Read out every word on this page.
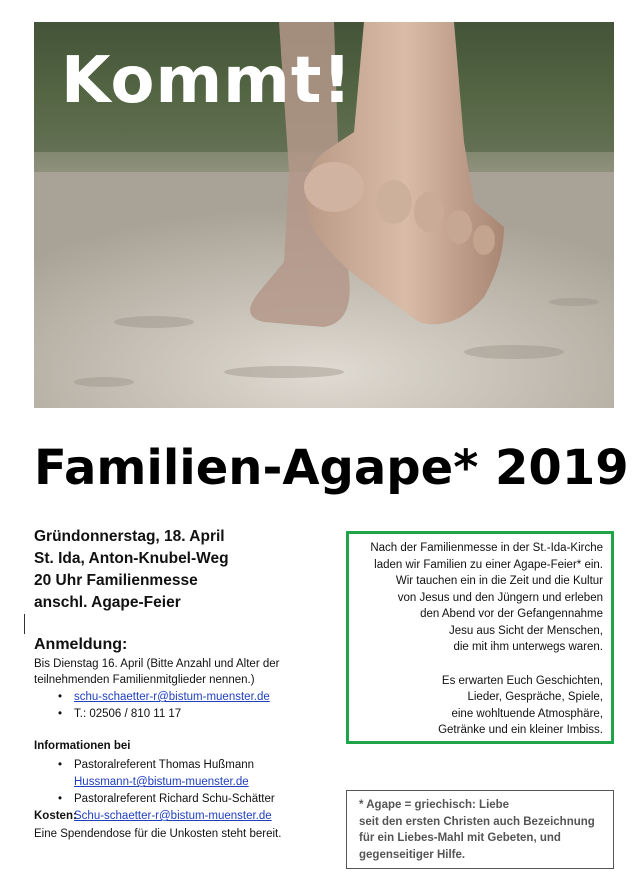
Kommt!
Familien-Agape* 2019
Gründonnerstag, 18. April
St. Ida, Anton-Knubel-Weg
20 Uhr Familienmesse
anschl. Agape-Feier
Anmeldung:
Bis Dienstag 16. April (Bitte Anzahl und Alter der teilnehmenden Familienmitglieder nennen.)
• schu-schaetter-r@bistum-muenster.de
• T.: 02506 / 810 11 17
Informationen bei
• Pastoralreferent Thomas Hußmann
Hussmann-t@bistum-muenster.de
• Pastoralreferent Richard Schu-Schätter
Schu-schaetter-r@bistum-muenster.de
Kosten:
Eine Spendendose für die Unkosten steht bereit.

Nach der Familienmesse in der St.-Ida-Kirche

laden wir Familien zu einer Agape-Feier* ein.

Wir tauchen ein in die Zeit und die Kultur

von Jesus und den Jüngern und erleben

den Abend vor der Gefangennahme

Jesu aus Sicht der Menschen,

die mit ihm unterwegs waren.

Es erwarten Euch Geschichten,

Lieder, Gespräche, Spiele,

eine wohltuende Atmosphäre,

Getränke und ein kleiner Imbiss.

* Agape = griechisch: Liebe

seit den ersten Christen auch Bezeichnung

für ein Liebes-Mahl mit Gebeten, und

gegenseitiger Hilfe.
